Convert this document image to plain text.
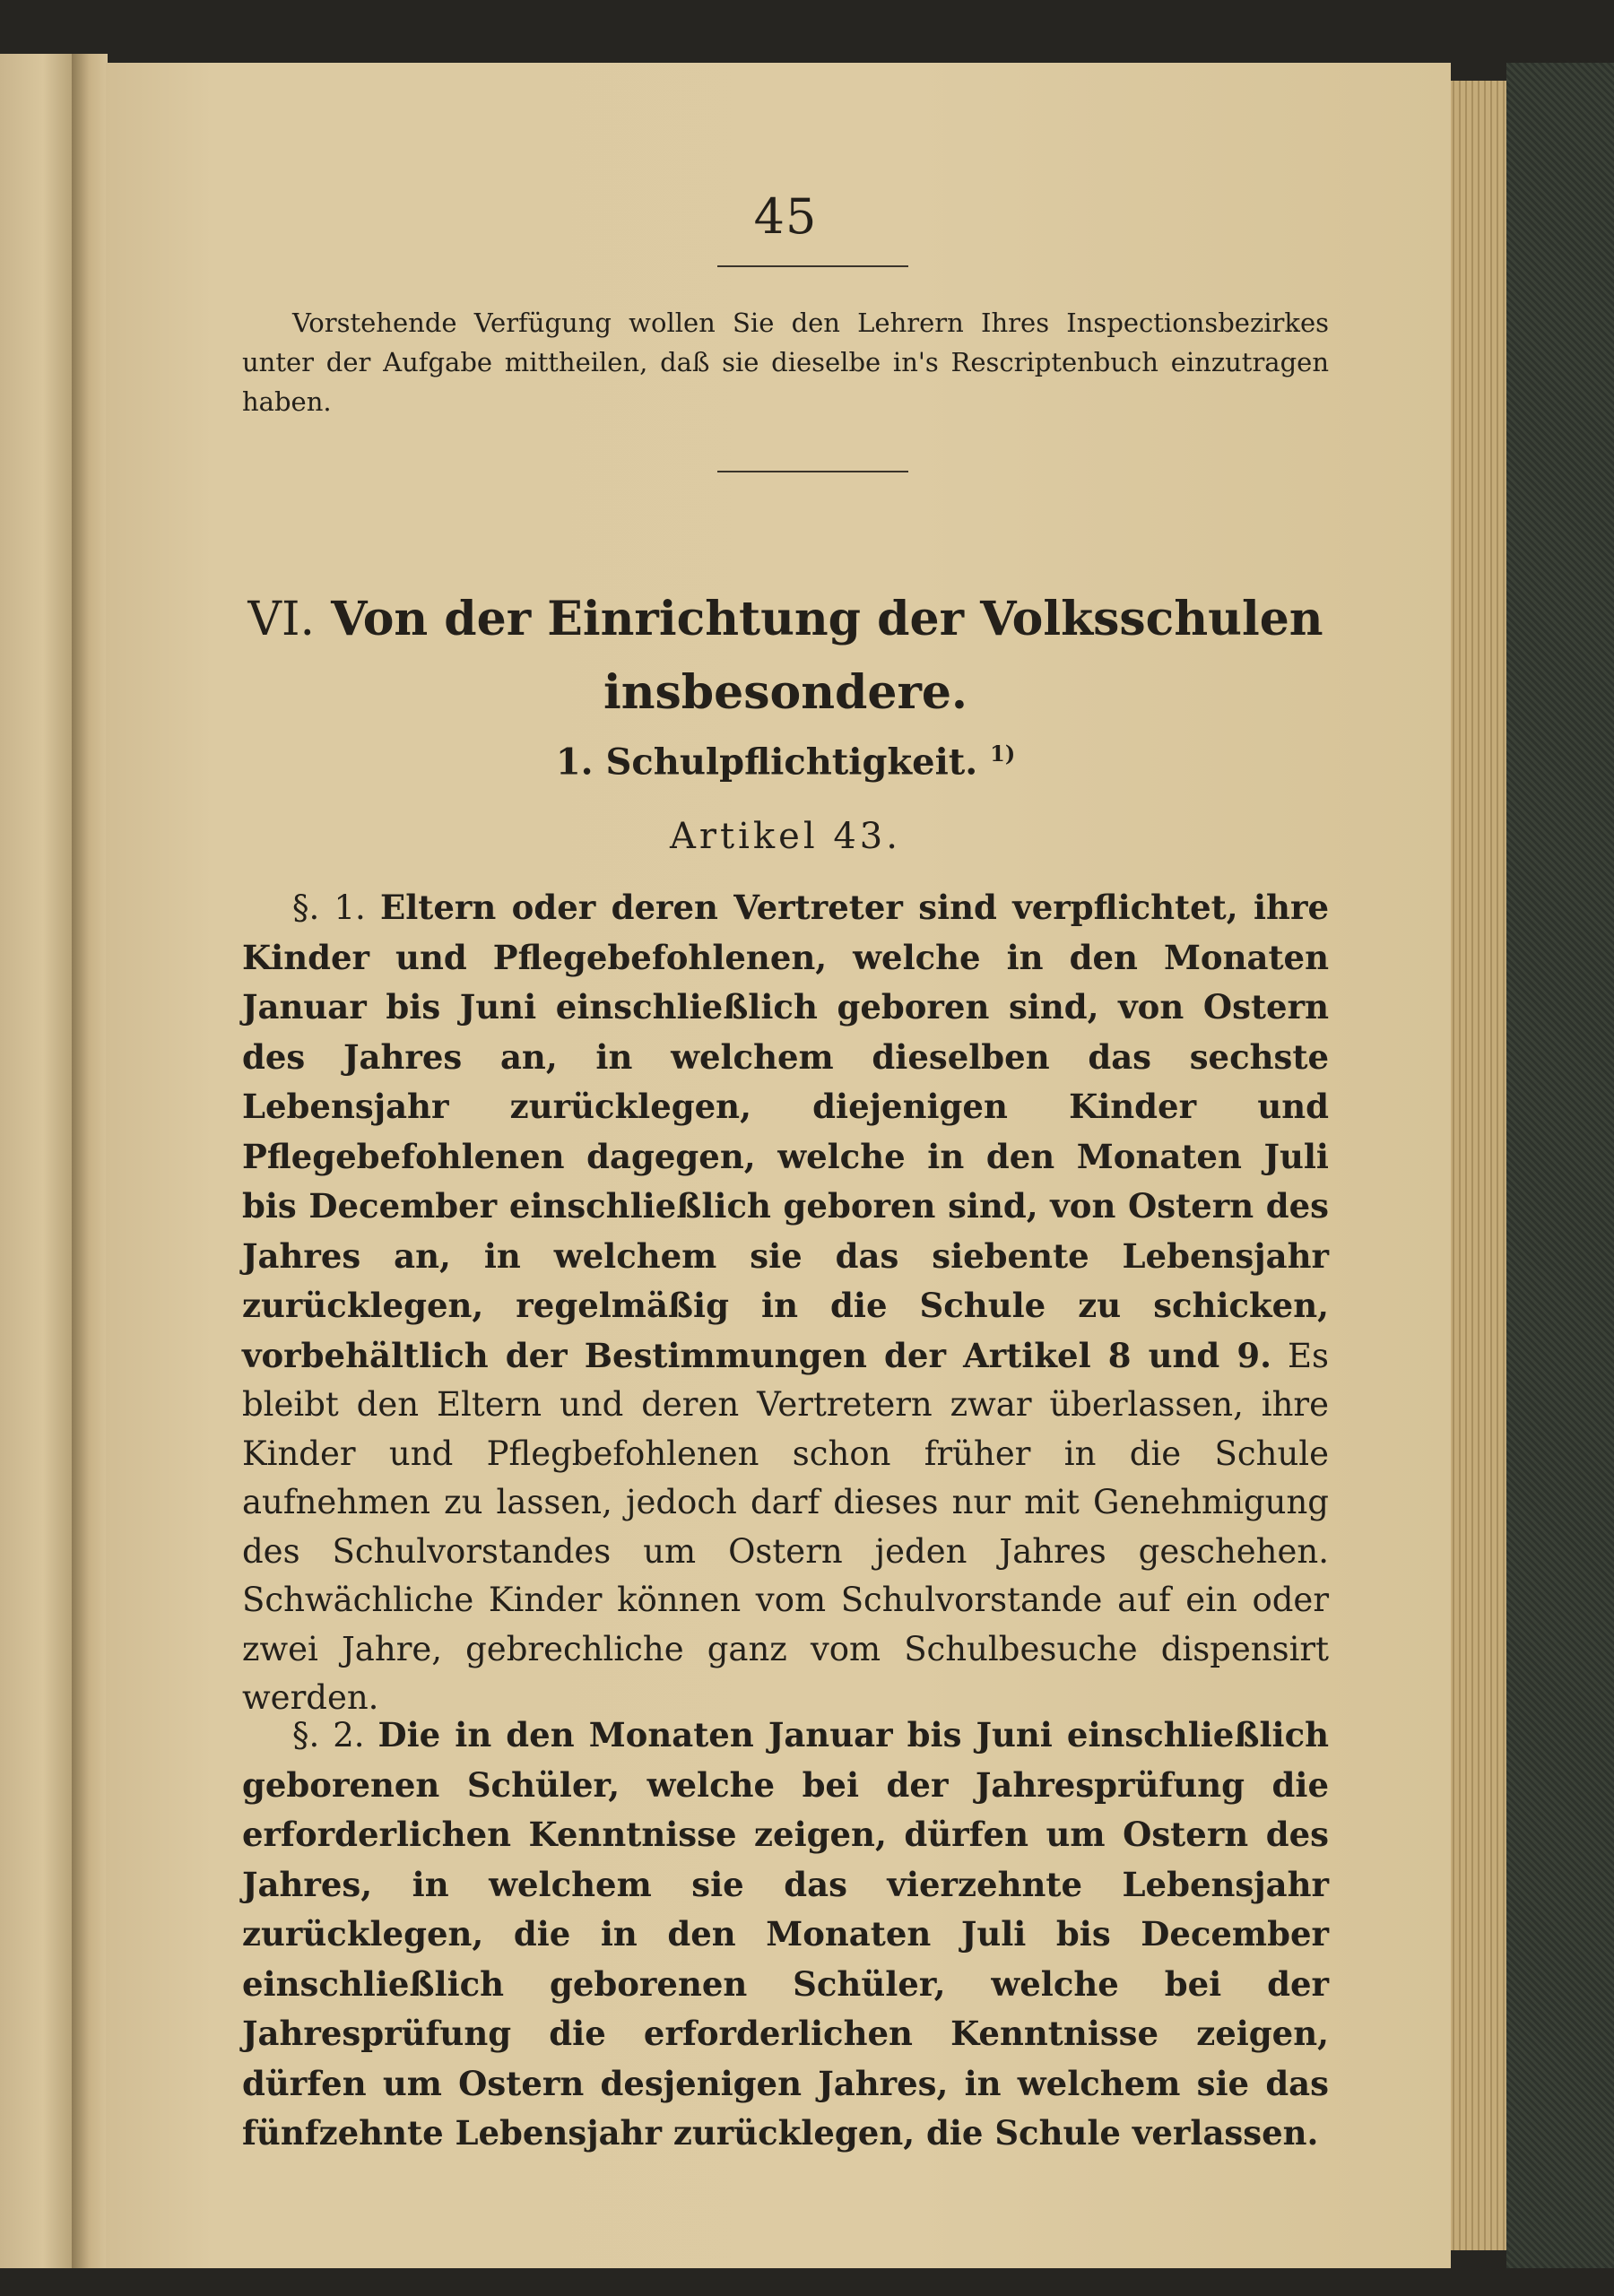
45
Vorstehende Verfügung wollen Sie den Lehrern Ihres Inspectionsbezirkes unter der Aufgabe mittheilen, daß sie dieselbe in's Rescriptenbuch einzutragen haben.
VI. Von der Einrichtung der Volksschulen
insbesondere.
1. Schulpflichtigkeit. $^{1)}$
Artikel 43.
§. 1. Eltern oder deren Vertreter sind verpflichtet, ihre Kinder und Pflegebefohlenen, welche in den Monaten Januar bis Juni einschließlich geboren sind, von Ostern des Jahres an, in welchem dieselben das sechste Lebensjahr zurücklegen, diejenigen Kinder und Pflegebefohlenen dagegen, welche in den Monaten Juli bis December einschließlich geboren sind, von Ostern des Jahres an, in welchem sie das siebente Lebensjahr zurücklegen, regelmäßig in die Schule zu schicken, vorbehältlich der Bestimmungen der Artikel 8 und 9. Es bleibt den Eltern und deren Vertretern zwar überlassen, ihre Kinder und Pflegbefohlenen schon früher in die Schule aufnehmen zu lassen, jedoch darf dieses nur mit Genehmigung des Schulvorstandes um Ostern jeden Jahres geschehen. Schwächliche Kinder können vom Schulvorstande auf ein oder zwei Jahre, gebrechliche ganz vom Schulbesuche dispensirt werden.
§. 2. Die in den Monaten Januar bis Juni einschließlich geborenen Schüler, welche bei der Jahresprüfung die erforderlichen Kenntnisse zeigen, dürfen um Ostern des Jahres, in welchem sie das vierzehnte Lebensjahr zurücklegen, die in den Monaten Juli bis December einschließlich geborenen Schüler, welche bei der Jahresprüfung die erforderlichen Kenntnisse zeigen, dürfen um Ostern desjenigen Jahres, in welchem sie das fünfzehnte Lebensjahr zurücklegen, die Schule verlassen.
